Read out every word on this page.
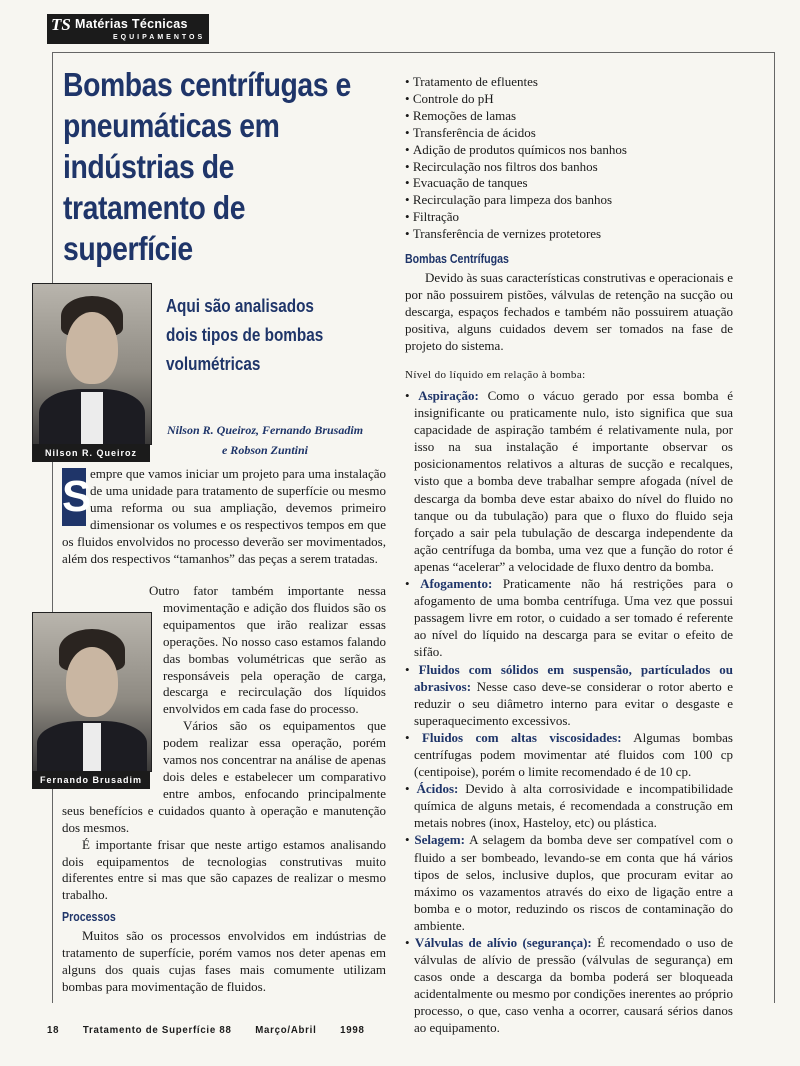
TS Matérias Técnicas
EQUIPAMENTOS
Bombas centrífugas e pneumáticas em indústrias de tratamento de superfície
Nilson R. Queiroz

Aqui são analisados dois tipos de bombas volumétricas

Nilson R. Queiroz, Fernando Brusadim
e Robson Zuntini
S
empre que vamos iniciar um projeto para uma instalação de uma unidade para tratamento de superfície ou mesmo uma reforma ou sua ampliação, devemos primeiro dimensionar os volumes e os respectivos tempos em que os fluidos envolvidos no processo deverão ser movimentados, além dos respectivos “tamanhos” das peças a serem tratadas.
Fernando Brusadim

Outro fator também importante nessa movimentação e adição dos fluidos são os equipamentos que irão realizar essas operações. No nosso caso estamos falando das bombas volumétricas que serão as responsáveis pela operação de carga, descarga e recirculação dos líquidos envolvidos em cada fase do processo.

Vários são os equipamentos que podem realizar essa operação, porém vamos nos concentrar na análise de apenas dois deles e estabelecer um comparativo entre ambos, enfocando principalmente seus benefícios e cuidados quanto à operação e manutenção dos mesmos.

É importante frisar que neste artigo estamos analisando dois equipamentos de tecnologias construtivas muito diferentes entre si mas que são capazes de realizar o mesmo trabalho.

Processos

Muitos são os processos envolvidos em indústrias de tratamento de superfície, porém vamos nos deter apenas em alguns dos quais cujas fases mais comumente utilizam bombas para movimentação de fluidos.

• Tratamento de efluentes
• Controle do pH
• Remoções de lamas
• Transferência de ácidos
• Adição de produtos químicos nos banhos
• Recirculação nos filtros dos banhos
• Evacuação de tanques
• Recirculação para limpeza dos banhos
• Filtração
• Transferência de vernizes protetores
Bombas Centrífugas

Devido às suas características construtivas e operacionais e por não possuirem pistões, válvulas de retenção na sucção ou descarga, espaços fechados e também não possuirem atuação positiva, alguns cuidados devem ser tomados na fase de projeto do sistema.

Nível do líquido em relação à bomba:
• Aspiração: Como o vácuo gerado por essa bomba é insignificante ou praticamente nulo, isto significa que sua capacidade de aspiração também é relativamente nula, por isso na sua instalação é importante observar os posicionamentos relativos a alturas de sucção e recalques, visto que a bomba deve trabalhar sempre afogada (nível de descarga da bomba deve estar abaixo do nível do fluido no tanque ou da tubulação) para que o fluxo do fluido seja forçado a sair pela tubulação de descarga independente da ação centrífuga da bomba, uma vez que a função do rotor é apenas “acelerar” a velocidade de fluxo dentro da bomba.
• Afogamento: Praticamente não há restrições para o afogamento de uma bomba centrífuga. Uma vez que possui passagem livre em rotor, o cuidado a ser tomado é referente ao nível do líquido na descarga para se evitar o efeito de sifão.
• Fluidos com sólidos em suspensão, partículados ou abrasivos: Nesse caso deve-se considerar o rotor aberto e reduzir o seu diâmetro interno para evitar o desgaste e superaquecimento excessivos.
• Fluidos com altas viscosidades: Algumas bombas centrífugas podem movimentar até fluidos com 100 cp (centipoise), porém o limite recomendado é de 10 cp.
• Ácidos: Devido à alta corrosividade e incompatibilidade química de alguns metais, é recomendada a construção em metais nobres (inox, Hasteloy, etc) ou plástica.
• Selagem: A selagem da bomba deve ser compatível com o fluido a ser bombeado, levando-se em conta que há vários tipos de selos, inclusive duplos, que procuram evitar ao máximo os vazamentos através do eixo de ligação entre a bomba e o motor, reduzindo os riscos de contaminação do ambiente.
• Válvulas de alívio (segurança): É recomendado o uso de válvulas de alívio de pressão (válvulas de segurança) em casos onde a descarga da bomba poderá ser bloqueada acidentalmente ou mesmo por condições inerentes ao próprio processo, o que, caso venha a ocorrer, causará sérios danos ao equipamento.
18 Tratamento de Superfície 88 Março/Abril 1998
